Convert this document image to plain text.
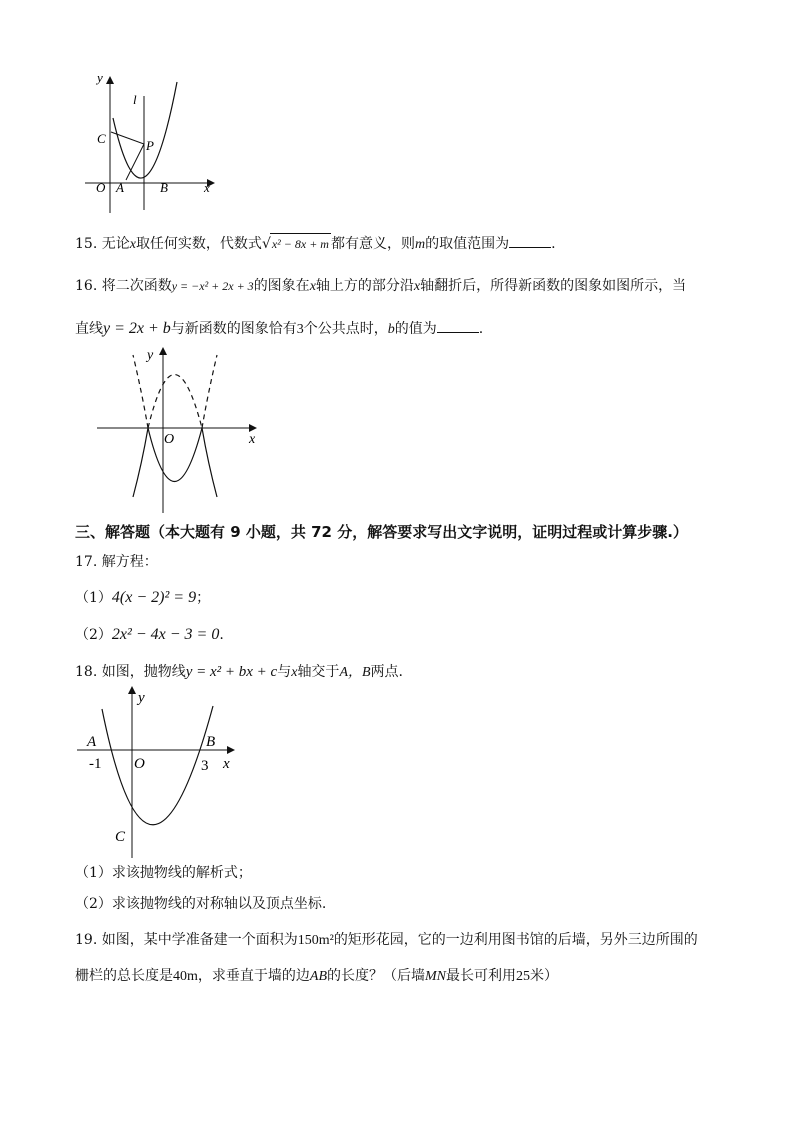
y
l
C	P
O A	B	x
15. 无论x取任何实数，代数式√x² − 8x + m 都有意义，则m的取值范围为	.
16. 将二次函数y = −x² + 2x + 3的图象在x轴上方的部分沿x轴翻折后，所得新函数的图象如图所示，当
直线y = 2x + b与新函数的图象恰有3个公共点时，b的值为	.
y
O	x
三、解答题（本大题有 9 小题，共 72 分，解答要求写出文字说明，证明过程或计算步骤.）
17. 解方程：
（1）4(x − 2)² = 9；
（2）2x² − 4x − 3 = 0.
18. 如图，抛物线y = x² + bx + c与x轴交于A，B两点.
y
A	B
-1 O	3 x
C
（1）求该抛物线的解析式；
（2）求该抛物线的对称轴以及顶点坐标.
19. 如图，某中学准备建一个面积为150m²的矩形花园，它的一边利用图书馆的后墙，另外三边所围的
栅栏的总长度是40m，求垂直于墙的边AB的长度？（后墙MN最长可利用25米）
